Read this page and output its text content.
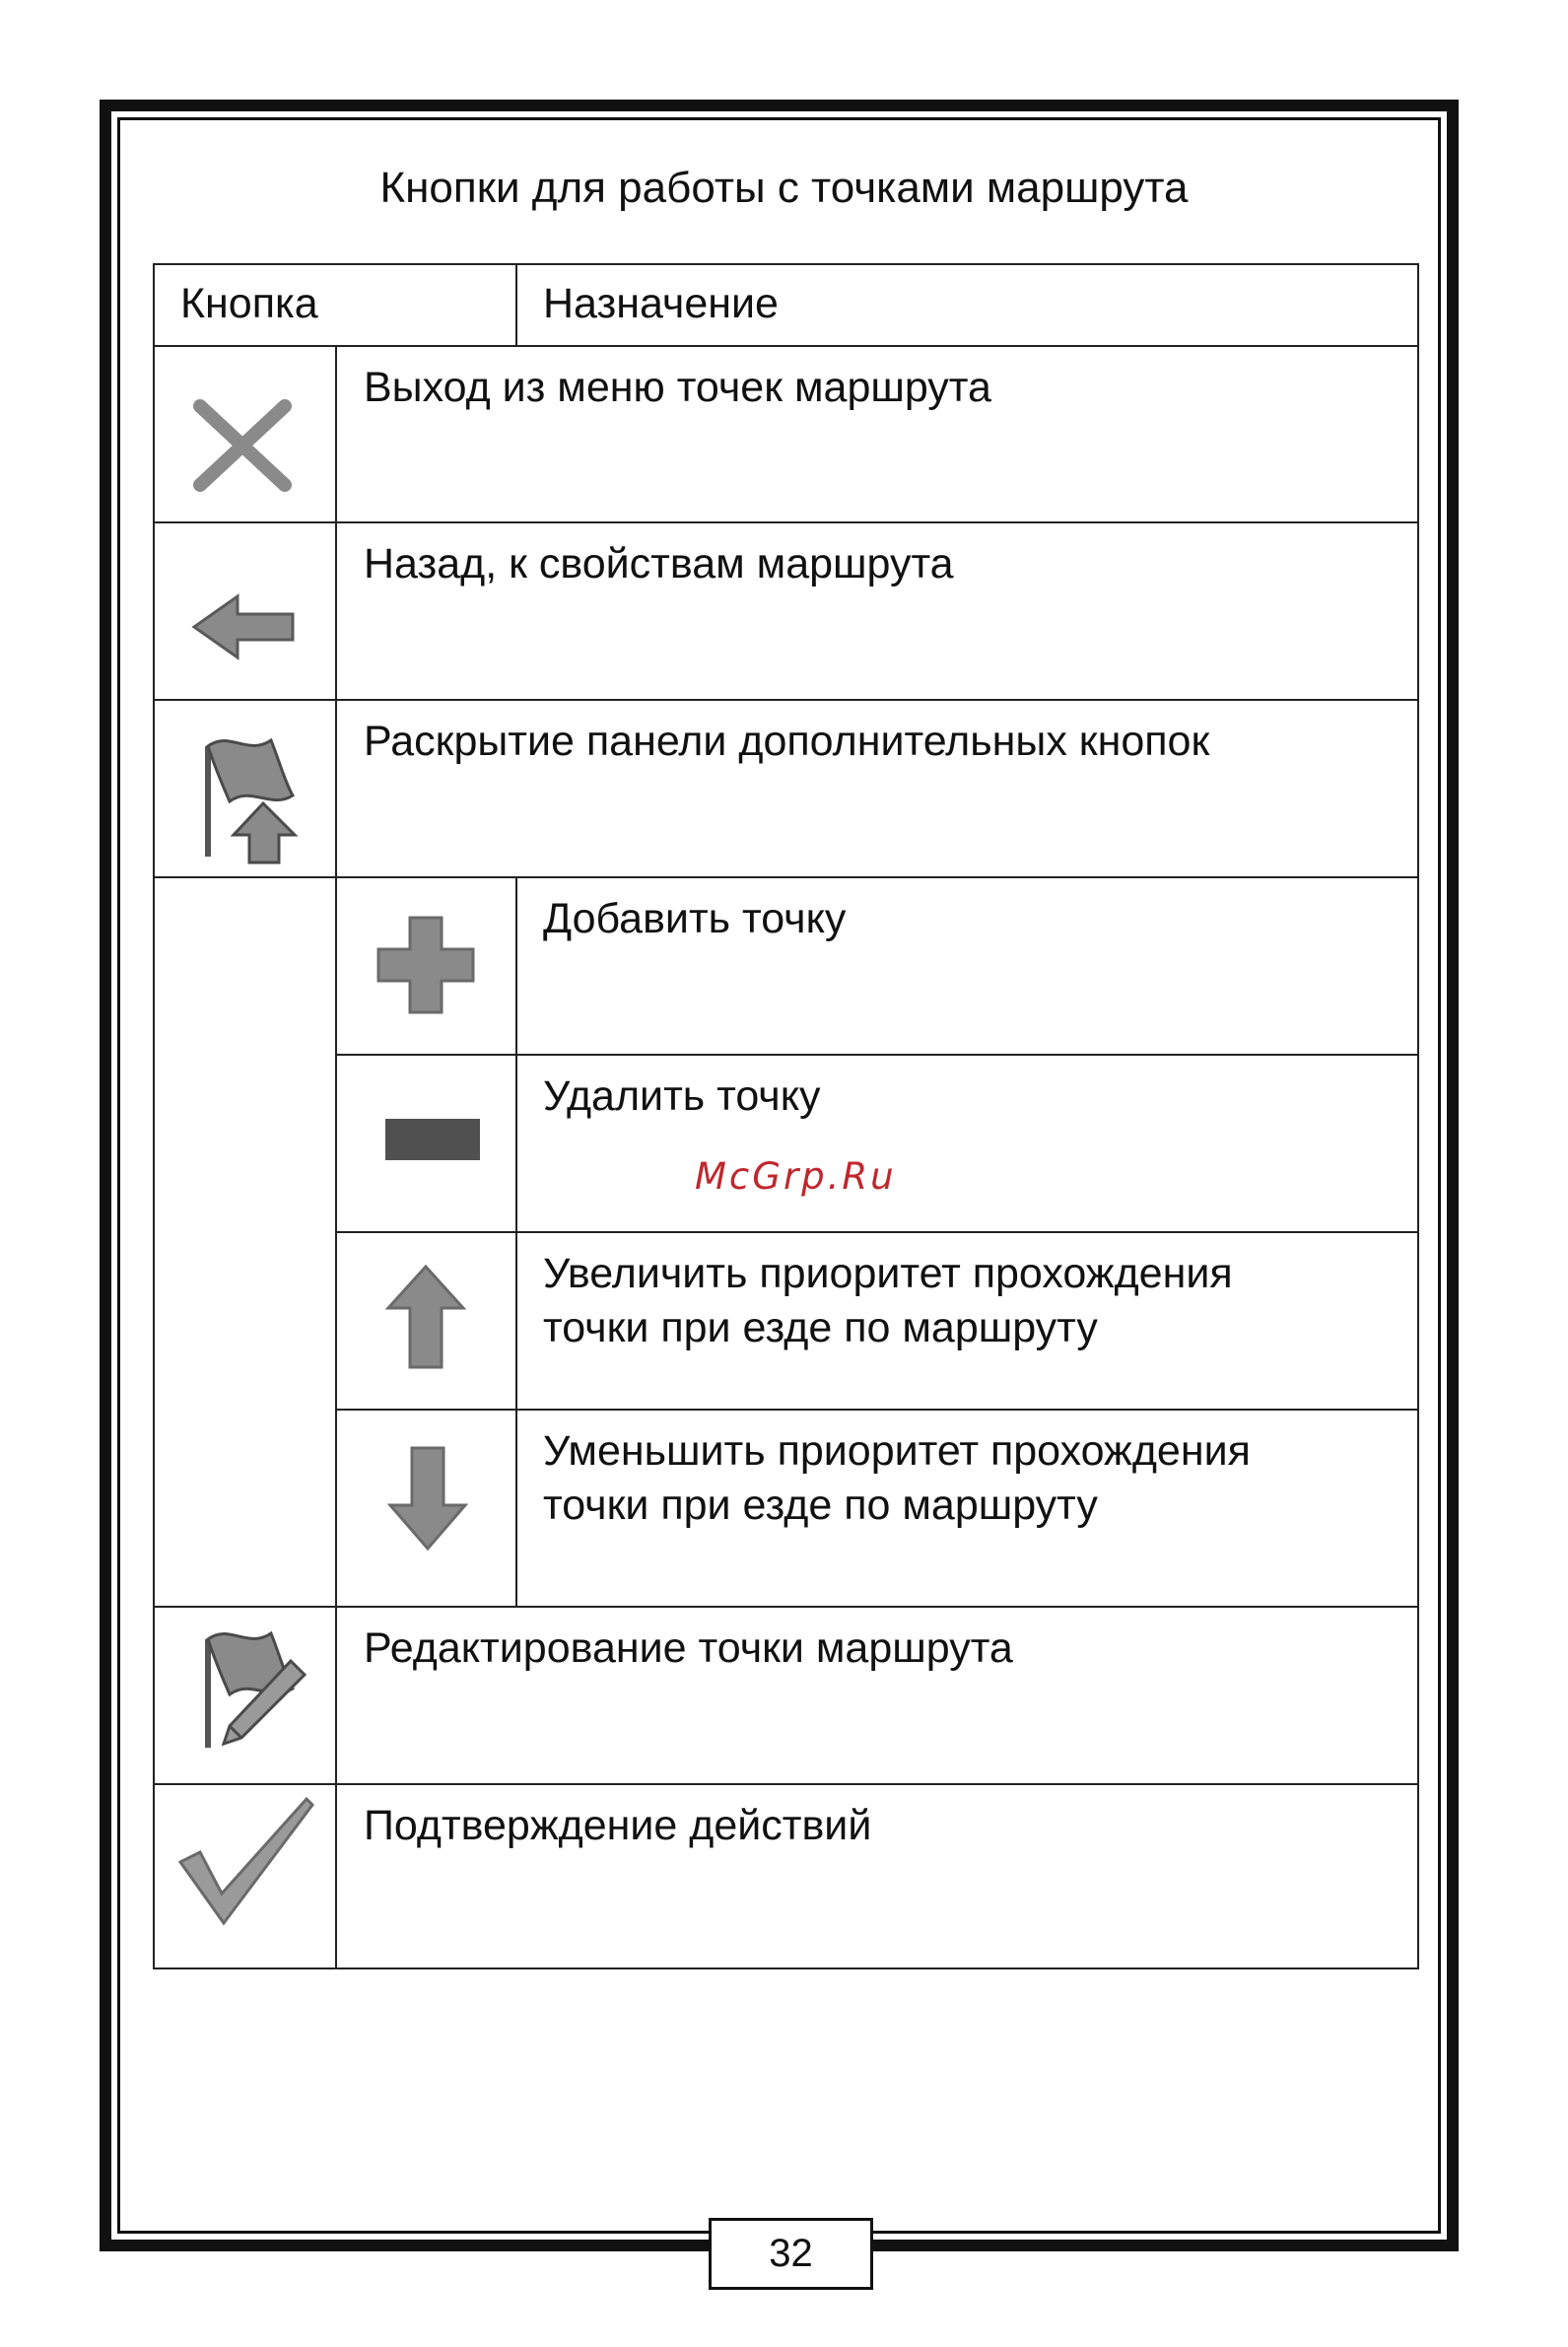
Кнопки для работы с точками маршрута
Кнопка	Назначение
Выход из меню точек маршрута
Назад, к свойствам маршрута
Раскрытие панели дополнительных кнопок
Добавить точку
Удалить точку
Увеличить приоритет прохождения
точки при езде по маршруту
Уменьшить приоритет прохождения
точки при езде по маршруту
Редактирование точки маршрута
Подтверждение действий
McGrp.Ru
32
